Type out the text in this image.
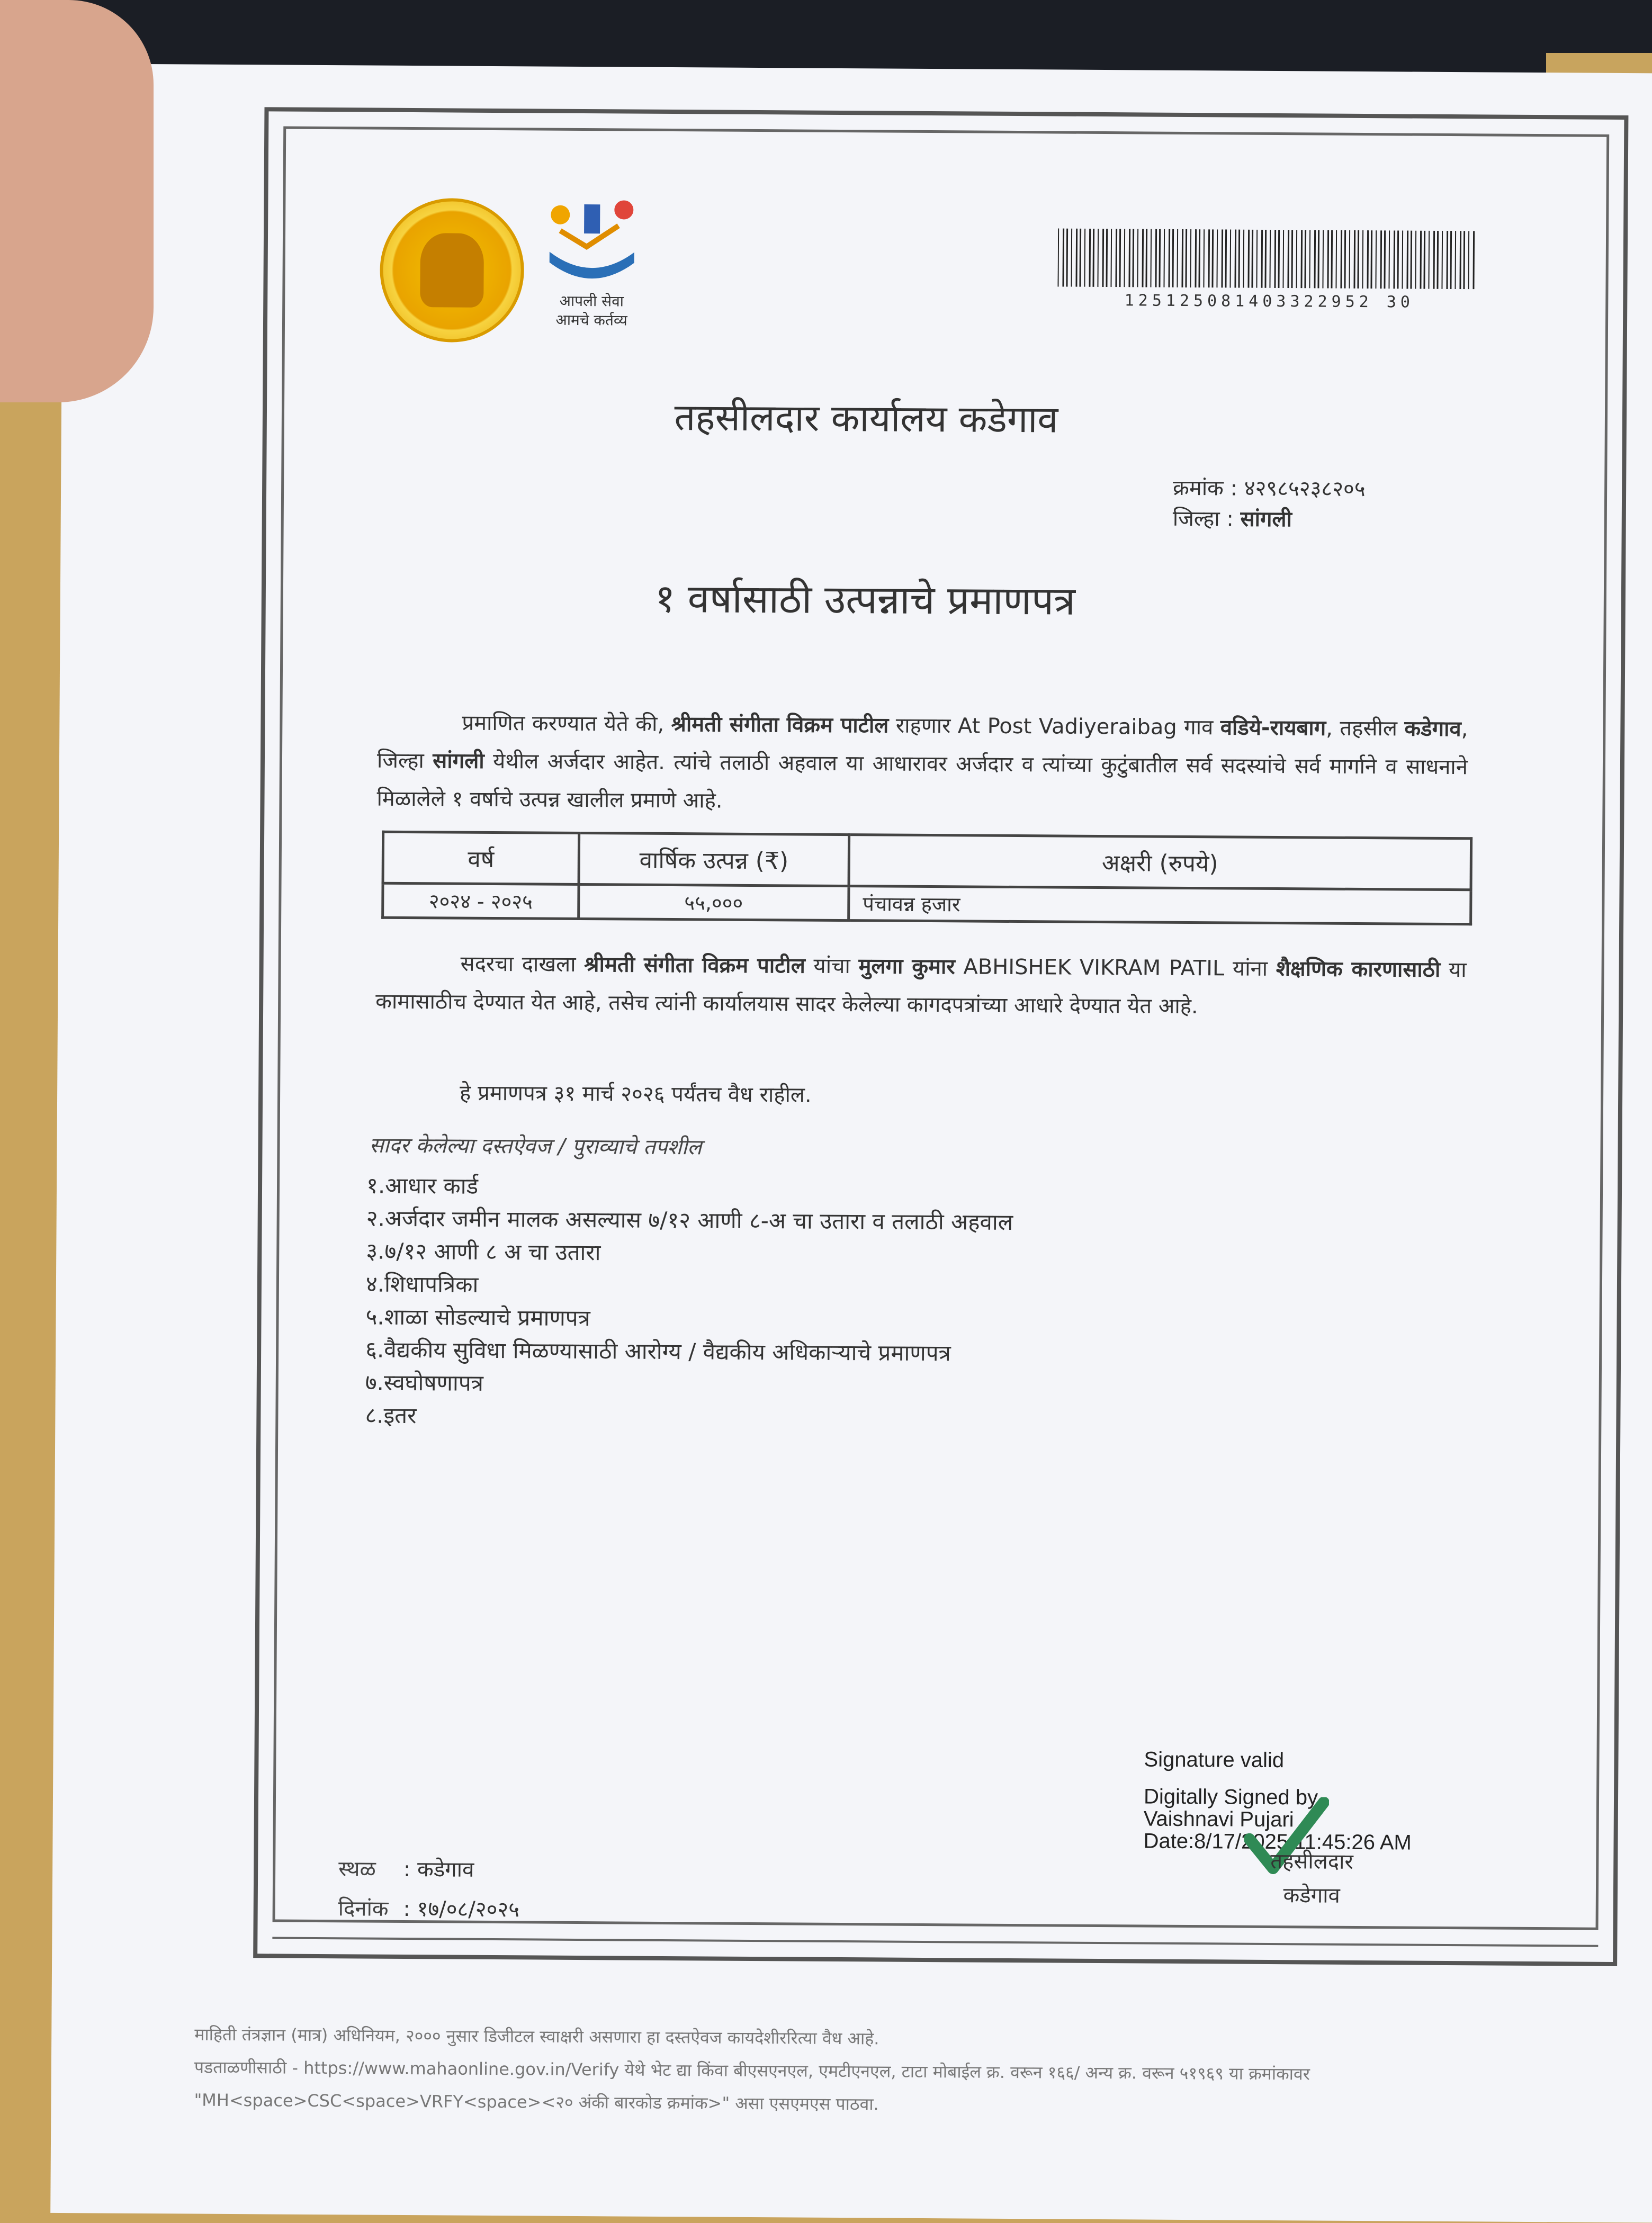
आपली सेवा
आमचे कर्तव्य
125125081403322952 30
तहसीलदार कार्यालय कडेगाव
क्रमांक : ४२९८५२३८२०५
जिल्हा : सांगली
१ वर्षासाठी उत्पन्नाचे प्रमाणपत्र
प्रमाणित करण्यात येते की, श्रीमती संगीता विक्रम पाटील राहणार At Post Vadiyeraibag गाव वडिये-रायबाग, तहसील कडेगाव, जिल्हा सांगली येथील अर्जदार आहेत. त्यांचे तलाठी अहवाल या आधारावर अर्जदार व त्यांच्या कुटुंबातील सर्व सदस्यांचे सर्व मार्गाने व साधनाने मिळालेले १ वर्षाचे उत्पन्न खालील प्रमाणे आहे.
वर्ष	वार्षिक उत्पन्न (₹)	अक्षरी (रुपये)
२०२४ - २०२५	५५,०००	पंचावन्न हजार
सदरचा दाखला श्रीमती संगीता विक्रम पाटील यांचा मुलगा कुमार ABHISHEK VIKRAM PATIL यांना शैक्षणिक कारणासाठी या कामासाठीच देण्यात येत आहे, तसेच त्यांनी कार्यालयास सादर केलेल्या कागदपत्रांच्या आधारे देण्यात येत आहे.
हे प्रमाणपत्र ३१ मार्च २०२६ पर्यंतच वैध राहील.
सादर केलेल्या दस्तऐवज / पुराव्याचे तपशील
१.आधार कार्ड
२.अर्जदार जमीन मालक असल्यास ७/१२ आणी ८-अ चा उतारा व तलाठी अहवाल
३.७/१२ आणी ८ अ चा उतारा
४.शिधापत्रिका
५.शाळा सोडल्याचे प्रमाणपत्र
६.वैद्यकीय सुविधा मिळण्यासाठी आरोग्य / वैद्यकीय अधिकाऱ्याचे प्रमाणपत्र
७.स्वघोषणापत्र
८.इतर
Signature valid
Digitally Signed by
Vaishnavi Pujari
Date:8/17/2025 11:45:26 AM
तहसीलदार
कडेगाव
स्थळ : कडेगाव
दिनांक : १७/०८/२०२५
माहिती तंत्रज्ञान (मात्र) अधिनियम, २००० नुसार डिजीटल स्वाक्षरी असणारा हा दस्तऐवज कायदेशीररित्या वैध आहे.
पडताळणीसाठी - https://www.mahaonline.gov.in/Verify येथे भेट द्या किंवा बीएसएनएल, एमटीएनएल, टाटा मोबाईल क्र. वरून १६६/ अन्य क्र. वरून ५१९६९ या क्रमांकावर
"MH<space>CSC<space>VRFY<space><२० अंकी बारकोड क्रमांक>" असा एसएमएस पाठवा.
